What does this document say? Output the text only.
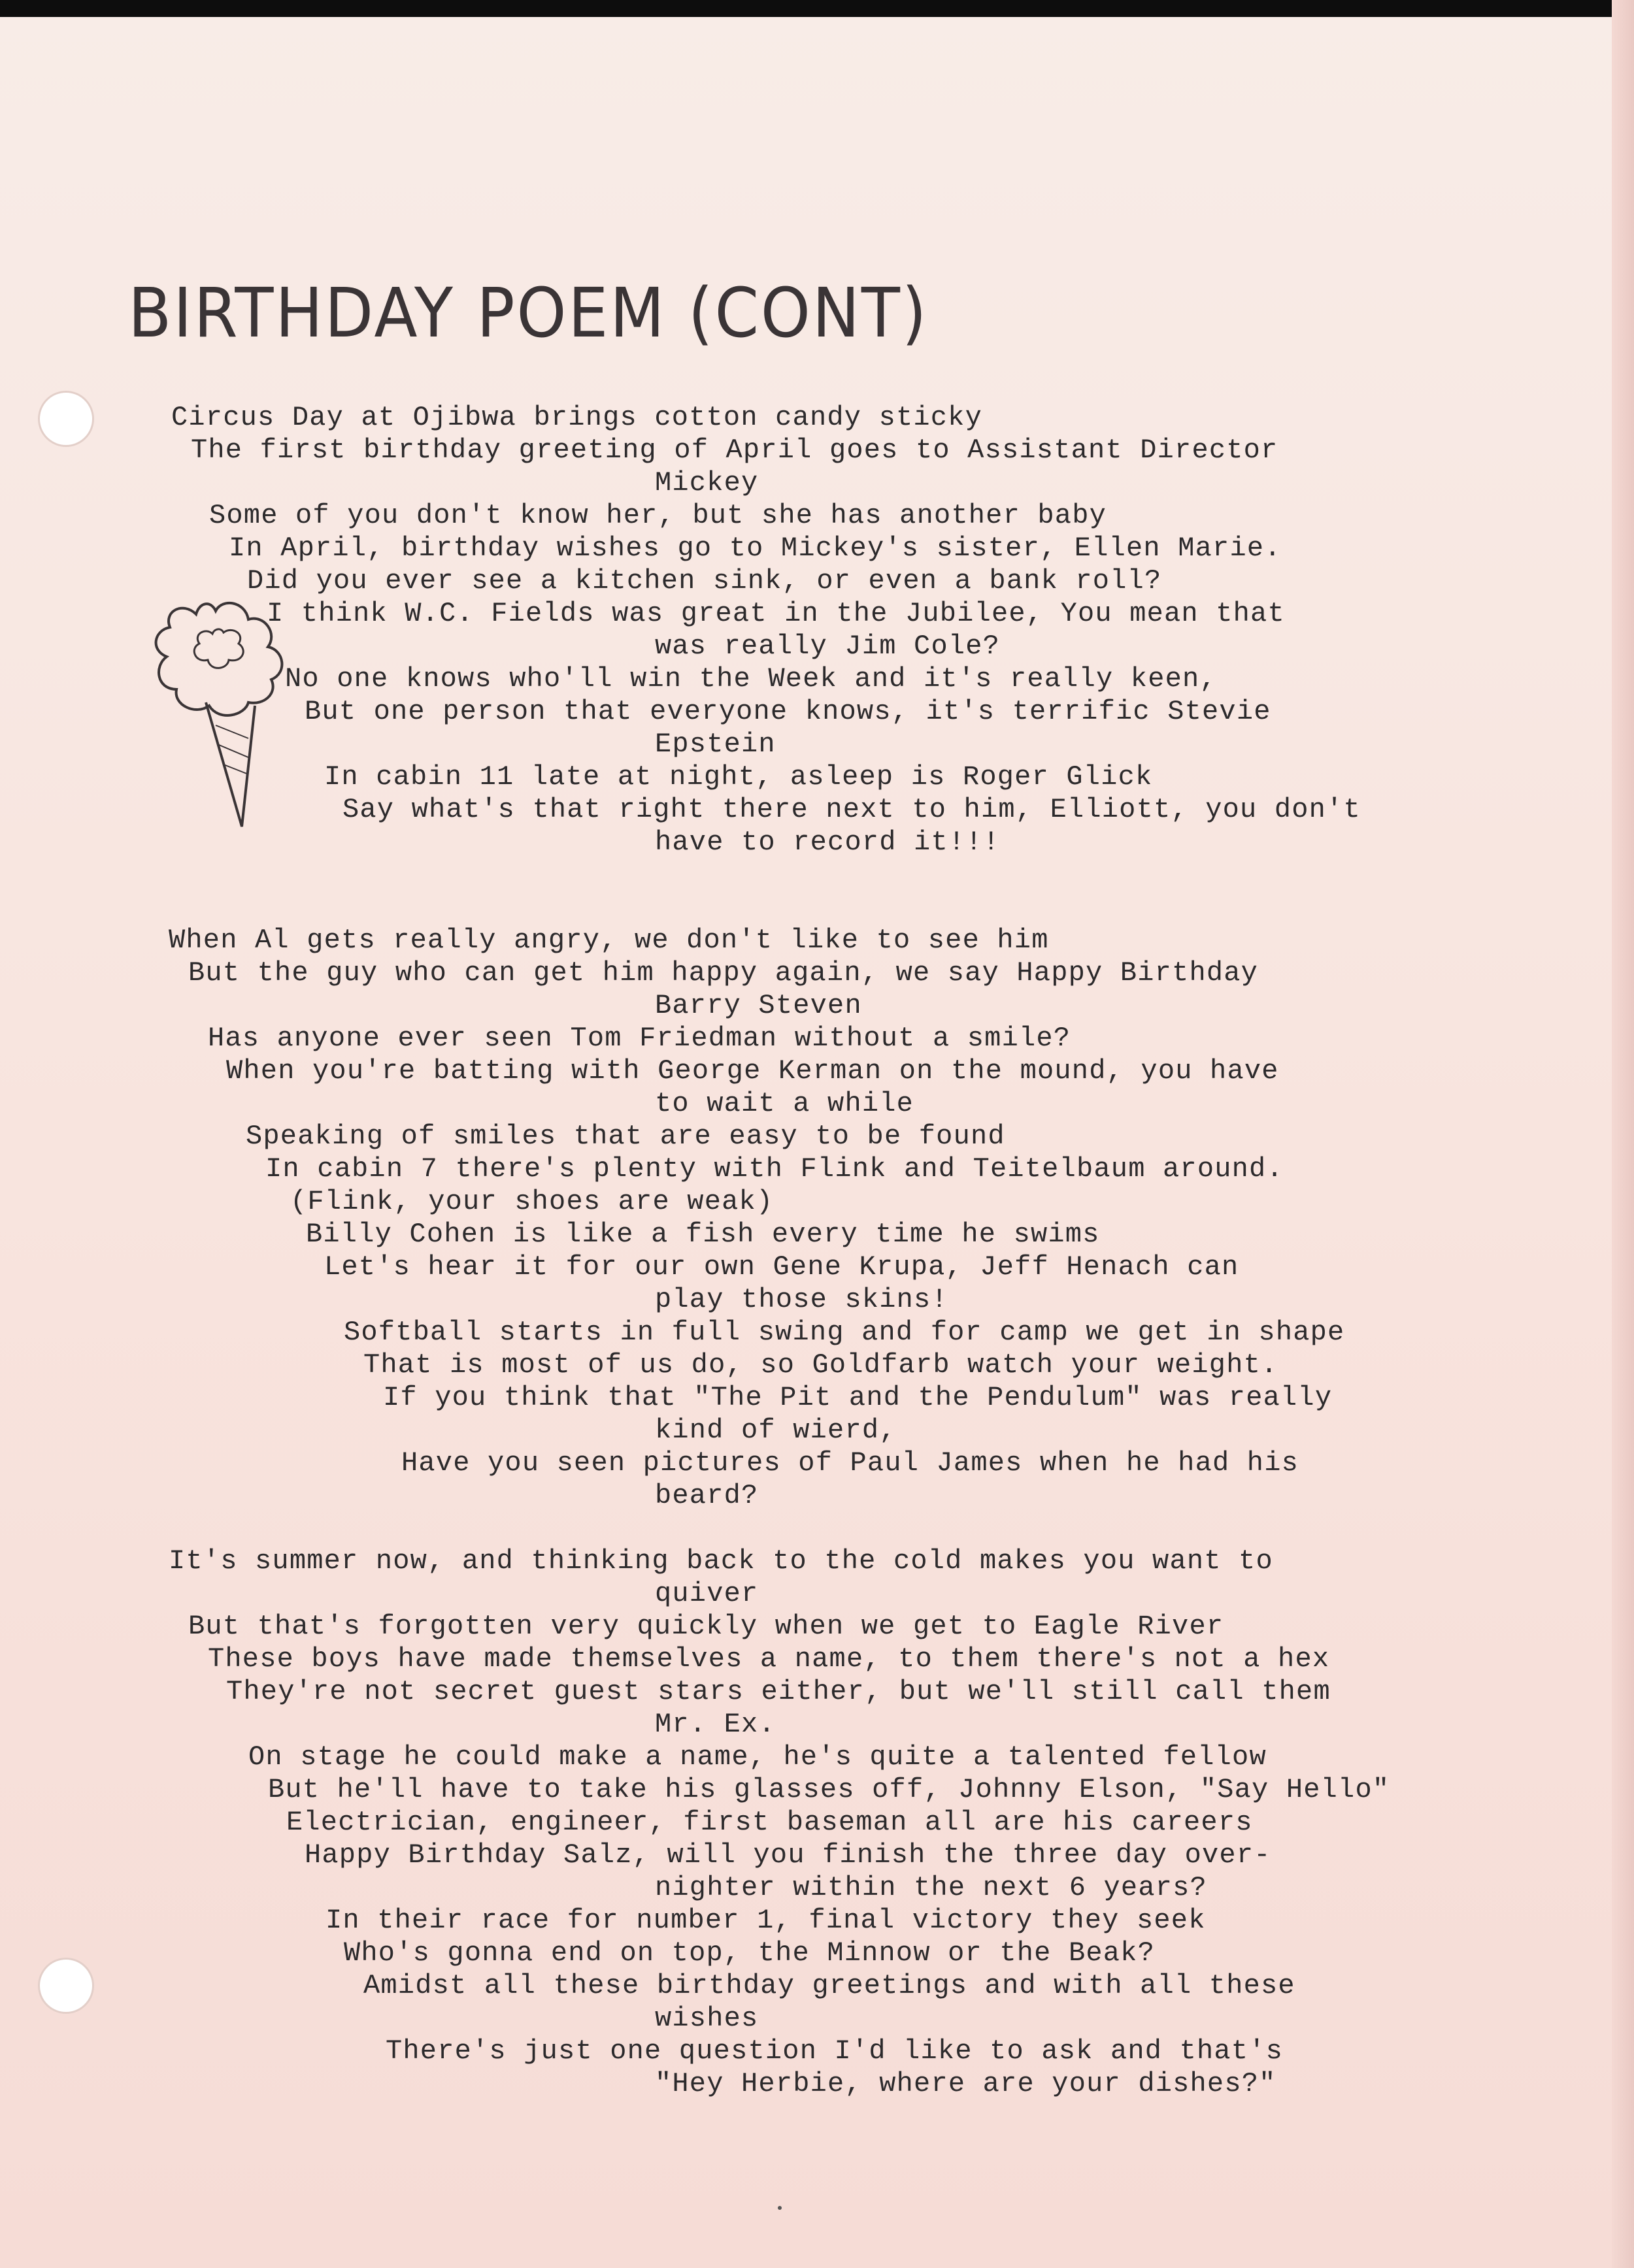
BIRTHDAY POEM (CONT)
Circus Day at Ojibwa brings cotton candy sticky
The first birthday greeting of April goes to Assistant Director
Mickey
Some of you don't know her, but she has another baby
In April, birthday wishes go to Mickey's sister, Ellen Marie.
Did you ever see a kitchen sink, or even a bank roll?
I think W.C. Fields was great in the Jubilee, You mean that
was really Jim Cole?
No one knows who'll win the Week and it's really keen,
But one person that everyone knows, it's terrific Stevie
Epstein
In cabin 11 late at night, asleep is Roger Glick
Say what's that right there next to him, Elliott, you don't
have to record it!!!
When Al gets really angry, we don't like to see him
But the guy who can get him happy again, we say Happy Birthday
Barry Steven
Has anyone ever seen Tom Friedman without a smile?
When you're batting with George Kerman on the mound, you have
to wait a while
Speaking of smiles that are easy to be found
In cabin 7 there's plenty with Flink and Teitelbaum around.
(Flink, your shoes are weak)
Billy Cohen is like a fish every time he swims
Let's hear it for our own Gene Krupa, Jeff Henach can
play those skins!
Softball starts in full swing and for camp we get in shape
That is most of us do, so Goldfarb watch your weight.
If you think that "The Pit and the Pendulum" was really
kind of wierd,
Have you seen pictures of Paul James when he had his
beard?
It's summer now, and thinking back to the cold makes you want to
quiver
But that's forgotten very quickly when we get to Eagle River
These boys have made themselves a name, to them there's not a hex
They're not secret guest stars either, but we'll still call them
Mr. Ex.
On stage he could make a name, he's quite a talented fellow
But he'll have to take his glasses off, Johnny Elson, "Say Hello"
Electrician, engineer, first baseman all are his careers
Happy Birthday Salz, will you finish the three day over-
nighter within the next 6 years?
In their race for number 1, final victory they seek
Who's gonna end on top, the Minnow or the Beak?
Amidst all these birthday greetings and with all these
wishes
There's just one question I'd like to ask and that's
"Hey Herbie, where are your dishes?"
